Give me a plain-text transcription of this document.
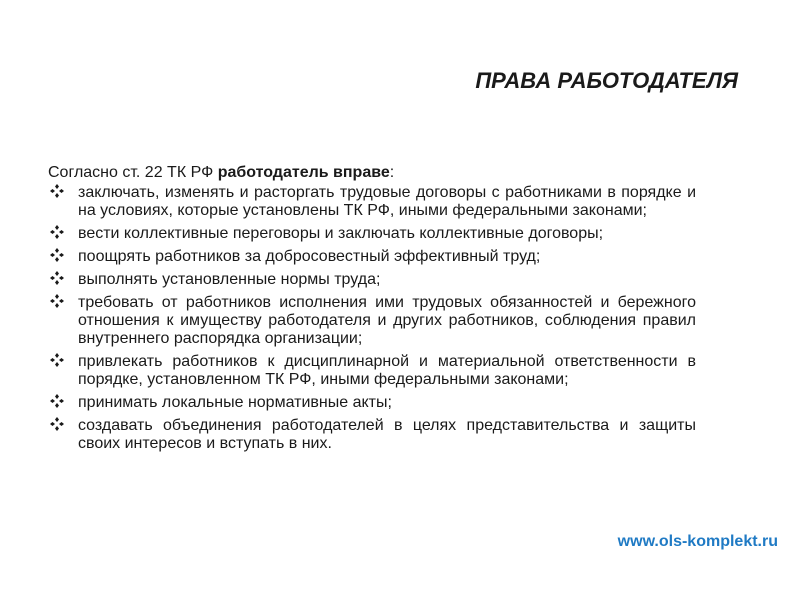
ПРАВА РАБОТОДАТЕЛЯ
Согласно ст. 22 ТК РФ работодатель вправе:
заключать, изменять и расторгать трудовые договоры с работниками в порядке и на условиях, которые установлены ТК РФ, иными федеральными законами;
вести коллективные переговоры и заключать коллективные договоры;
поощрять работников за добросовестный эффективный труд;
выполнять установленные нормы труда;
требовать от работников исполнения ими трудовых обязанностей и бережного отношения к имуществу работодателя и других работников, соблюдения правил внутреннего распорядка организации;
привлекать работников к дисциплинарной и материальной ответственности в порядке, установленном ТК РФ, иными федеральными законами;
принимать локальные нормативные акты;
создавать объединения работодателей в целях представительства и защиты своих интересов и вступать в них.
www.ols-komplekt.ru
